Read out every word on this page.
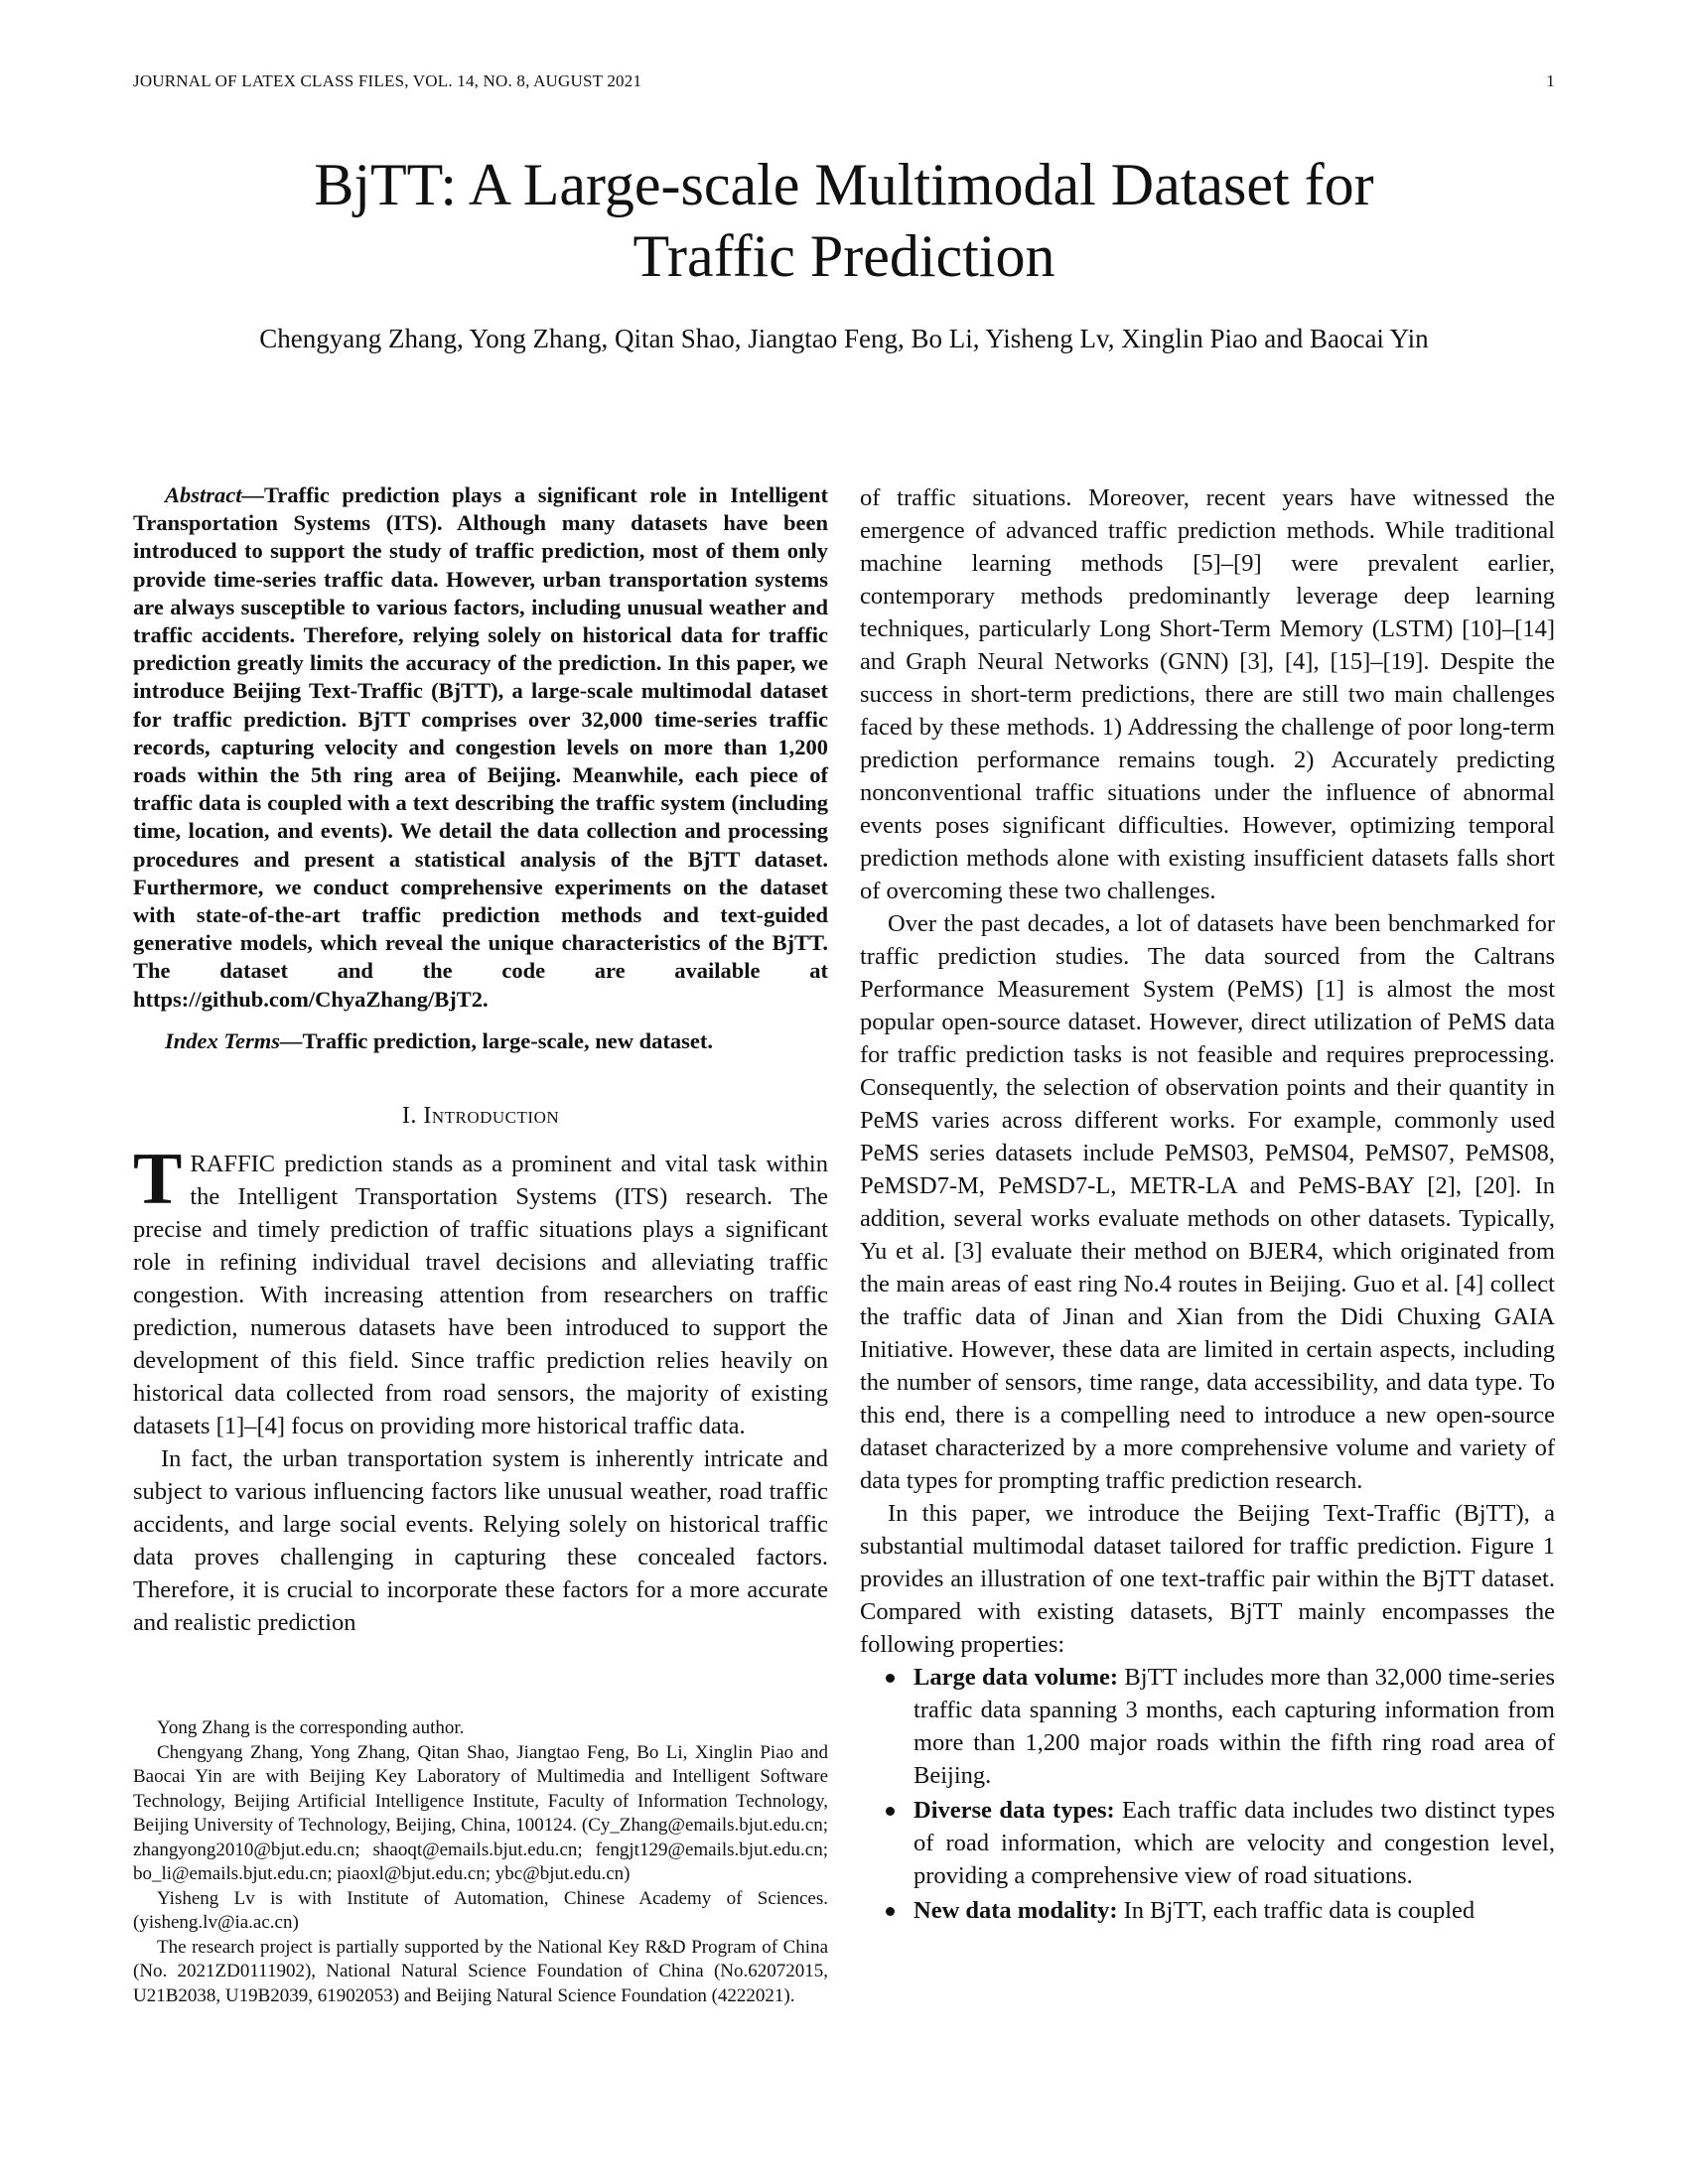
JOURNAL OF LATEX CLASS FILES, VOL. 14, NO. 8, AUGUST 2021	1
BjTT: A Large-scale Multimodal Dataset for
Traffic Prediction
Chengyang Zhang, Yong Zhang, Qitan Shao, Jiangtao Feng, Bo Li, Yisheng Lv, Xinglin Piao and Baocai Yin

Abstract—Traffic prediction plays a significant role in Intelligent Transportation Systems (ITS). Although many datasets have been introduced to support the study of traffic prediction, most of them only provide time-series traffic data. However, urban transportation systems are always susceptible to various factors, including unusual weather and traffic accidents. Therefore, relying solely on historical data for traffic prediction greatly limits the accuracy of the prediction. In this paper, we introduce Beijing Text-Traffic (BjTT), a large-scale multimodal dataset for traffic prediction. BjTT comprises over 32,000 time-series traffic records, capturing velocity and congestion levels on more than 1,200 roads within the 5th ring area of Beijing. Meanwhile, each piece of traffic data is coupled with a text describing the traffic system (including time, location, and events). We detail the data collection and processing procedures and present a statistical analysis of the BjTT dataset. Furthermore, we conduct comprehensive experiments on the dataset with state-of-the-art traffic prediction methods and text-guided generative models, which reveal the unique characteristics of the BjTT. The dataset and the code are available at https://github.com/ChyaZhang/BjT2.

Index Terms—Traffic prediction, large-scale, new dataset.

I. Introduction

TRAFFIC prediction stands as a prominent and vital task within the Intelligent Transportation Systems (ITS) research. The precise and timely prediction of traffic situations plays a significant role in refining individual travel decisions and alleviating traffic congestion. With increasing attention from researchers on traffic prediction, numerous datasets have been introduced to support the development of this field. Since traffic prediction relies heavily on historical data collected from road sensors, the majority of existing datasets [1]–[4] focus on providing more historical traffic data.

In fact, the urban transportation system is inherently intricate and subject to various influencing factors like unusual weather, road traffic accidents, and large social events. Relying solely on historical traffic data proves challenging in capturing these concealed factors. Therefore, it is crucial to incorporate these factors for a more accurate and realistic prediction

Yong Zhang is the corresponding author.

Chengyang Zhang, Yong Zhang, Qitan Shao, Jiangtao Feng, Bo Li, Xinglin Piao and Baocai Yin are with Beijing Key Laboratory of Multimedia and Intelligent Software Technology, Beijing Artificial Intelligence Institute, Faculty of Information Technology, Beijing University of Technology, Beijing, China, 100124. (Cy_Zhang@emails.bjut.edu.cn; zhangyong2010@bjut.edu.cn; shaoqt@emails.bjut.edu.cn; fengjt129@emails.bjut.edu.cn; bo_li@emails.bjut.edu.cn; piaoxl@bjut.edu.cn; ybc@bjut.edu.cn)

Yisheng Lv is with Institute of Automation, Chinese Academy of Sciences. (yisheng.lv@ia.ac.cn)

The research project is partially supported by the National Key R&D Program of China (No. 2021ZD0111902), National Natural Science Foundation of China (No.62072015, U21B2038, U19B2039, 61902053) and Beijing Natural Science Foundation (4222021).

of traffic situations. Moreover, recent years have witnessed the emergence of advanced traffic prediction methods. While traditional machine learning methods [5]–[9] were prevalent earlier, contemporary methods predominantly leverage deep learning techniques, particularly Long Short-Term Memory (LSTM) [10]–[14] and Graph Neural Networks (GNN) [3], [4], [15]–[19]. Despite the success in short-term predictions, there are still two main challenges faced by these methods. 1) Addressing the challenge of poor long-term prediction performance remains tough. 2) Accurately predicting nonconventional traffic situations under the influence of abnormal events poses significant difficulties. However, optimizing temporal prediction methods alone with existing insufficient datasets falls short of overcoming these two challenges.

Over the past decades, a lot of datasets have been benchmarked for traffic prediction studies. The data sourced from the Caltrans Performance Measurement System (PeMS) [1] is almost the most popular open-source dataset. However, direct utilization of PeMS data for traffic prediction tasks is not feasible and requires preprocessing. Consequently, the selection of observation points and their quantity in PeMS varies across different works. For example, commonly used PeMS series datasets include PeMS03, PeMS04, PeMS07, PeMS08, PeMSD7-M, PeMSD7-L, METR-LA and PeMS-BAY [2], [20]. In addition, several works evaluate methods on other datasets. Typically, Yu et al. [3] evaluate their method on BJER4, which originated from the main areas of east ring No.4 routes in Beijing. Guo et al. [4] collect the traffic data of Jinan and Xian from the Didi Chuxing GAIA Initiative. However, these data are limited in certain aspects, including the number of sensors, time range, data accessibility, and data type. To this end, there is a compelling need to introduce a new open-source dataset characterized by a more comprehensive volume and variety of data types for prompting traffic prediction research.

In this paper, we introduce the Beijing Text-Traffic (BjTT), a substantial multimodal dataset tailored for traffic prediction. Figure 1 provides an illustration of one text-traffic pair within the BjTT dataset. Compared with existing datasets, BjTT mainly encompasses the following properties:

Large data volume: BjTT includes more than 32,000 time-series traffic data spanning 3 months, each capturing information from more than 1,200 major roads within the fifth ring road area of Beijing.
Diverse data types: Each traffic data includes two distinct types of road information, which are velocity and congestion level, providing a comprehensive view of road situations.
New data modality: In BjTT, each traffic data is coupled
